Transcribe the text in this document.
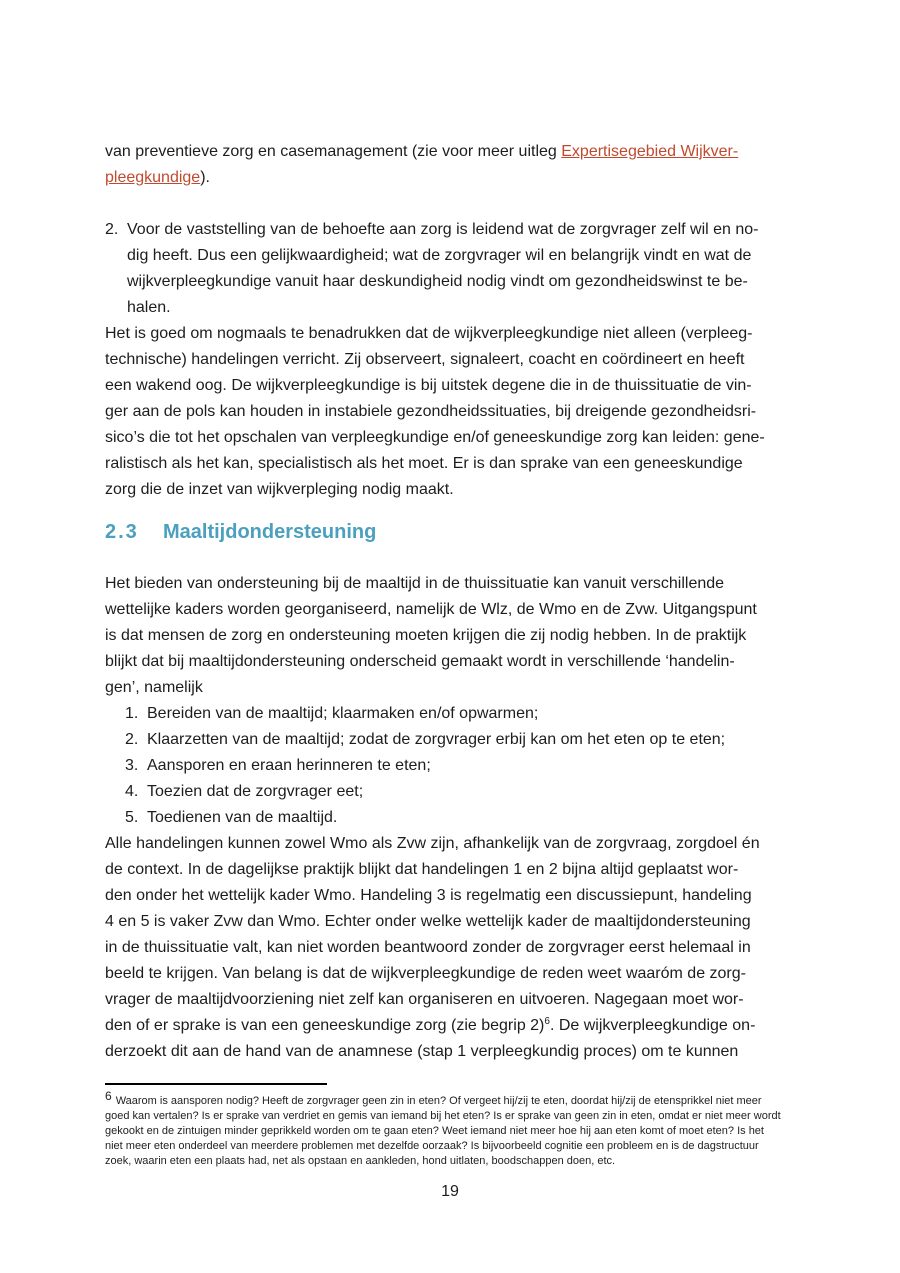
van preventieve zorg en casemanagement (zie voor meer uitleg Expertisegebied Wijkver-
pleegkundige).
2. Voor de vaststelling van de behoefte aan zorg is leidend wat de zorgvrager zelf wil en no-
dig heeft. Dus een gelijkwaardigheid; wat de zorgvrager wil en belangrijk vindt en wat de
wijkverpleegkundige vanuit haar deskundigheid nodig vindt om gezondheidswinst te be-
halen.
Het is goed om nogmaals te benadrukken dat de wijkverpleegkundige niet alleen (verpleeg-
technische) handelingen verricht. Zij observeert, signaleert, coacht en coördineert en heeft
een wakend oog. De wijkverpleegkundige is bij uitstek degene die in de thuissituatie de vin-
ger aan de pols kan houden in instabiele gezondheidssituaties, bij dreigende gezondheidsri-
sico’s die tot het opschalen van verpleegkundige en/of geneeskundige zorg kan leiden: gene-
ralistisch als het kan, specialistisch als het moet. Er is dan sprake van een geneeskundige
zorg die de inzet van wijkverpleging nodig maakt.
2.3	Maaltijdondersteuning
Het bieden van ondersteuning bij de maaltijd in de thuissituatie kan vanuit verschillende
wettelijke kaders worden georganiseerd, namelijk de Wlz, de Wmo en de Zvw. Uitgangspunt
is dat mensen de zorg en ondersteuning moeten krijgen die zij nodig hebben. In de praktijk
blijkt dat bij maaltijdondersteuning onderscheid gemaakt wordt in verschillende ‘handelin-
gen’, namelijk
1. Bereiden van de maaltijd; klaarmaken en/of opwarmen;
2. Klaarzetten van de maaltijd; zodat de zorgvrager erbij kan om het eten op te eten;
3. Aansporen en eraan herinneren te eten;
4. Toezien dat de zorgvrager eet;
5. Toedienen van de maaltijd.
Alle handelingen kunnen zowel Wmo als Zvw zijn, afhankelijk van de zorgvraag, zorgdoel én
de context. In de dagelijkse praktijk blijkt dat handelingen 1 en 2 bijna altijd geplaatst wor-
den onder het wettelijk kader Wmo. Handeling 3 is regelmatig een discussiepunt, handeling
4 en 5 is vaker Zvw dan Wmo. Echter onder welke wettelijk kader de maaltijdondersteuning
in de thuissituatie valt, kan niet worden beantwoord zonder de zorgvrager eerst helemaal in
beeld te krijgen. Van belang is dat de wijkverpleegkundige de reden weet waaróm de zorg-
vrager de maaltijdvoorziening niet zelf kan organiseren en uitvoeren. Nagegaan moet wor-
den of er sprake is van een geneeskundige zorg (zie begrip 2)$^6$. De wijkverpleegkundige on-
derzoekt dit aan de hand van de anamnese (stap 1 verpleegkundig proces) om te kunnen
$^6$ Waarom is aansporen nodig? Heeft de zorgvrager geen zin in eten? Of vergeet hij/zij te eten, doordat hij/zij de etensprikkel niet meer
goed kan vertalen? Is er sprake van verdriet en gemis van iemand bij het eten? Is er sprake van geen zin in eten, omdat er niet meer wordt
gekookt en de zintuigen minder geprikkeld worden om te gaan eten? Weet iemand niet meer hoe hij aan eten komt of moet eten? Is het
niet meer eten onderdeel van meerdere problemen met dezelfde oorzaak? Is bijvoorbeeld cognitie een probleem en is de dagstructuur
zoek, waarin eten een plaats had, net als opstaan en aankleden, hond uitlaten, boodschappen doen, etc.
19
